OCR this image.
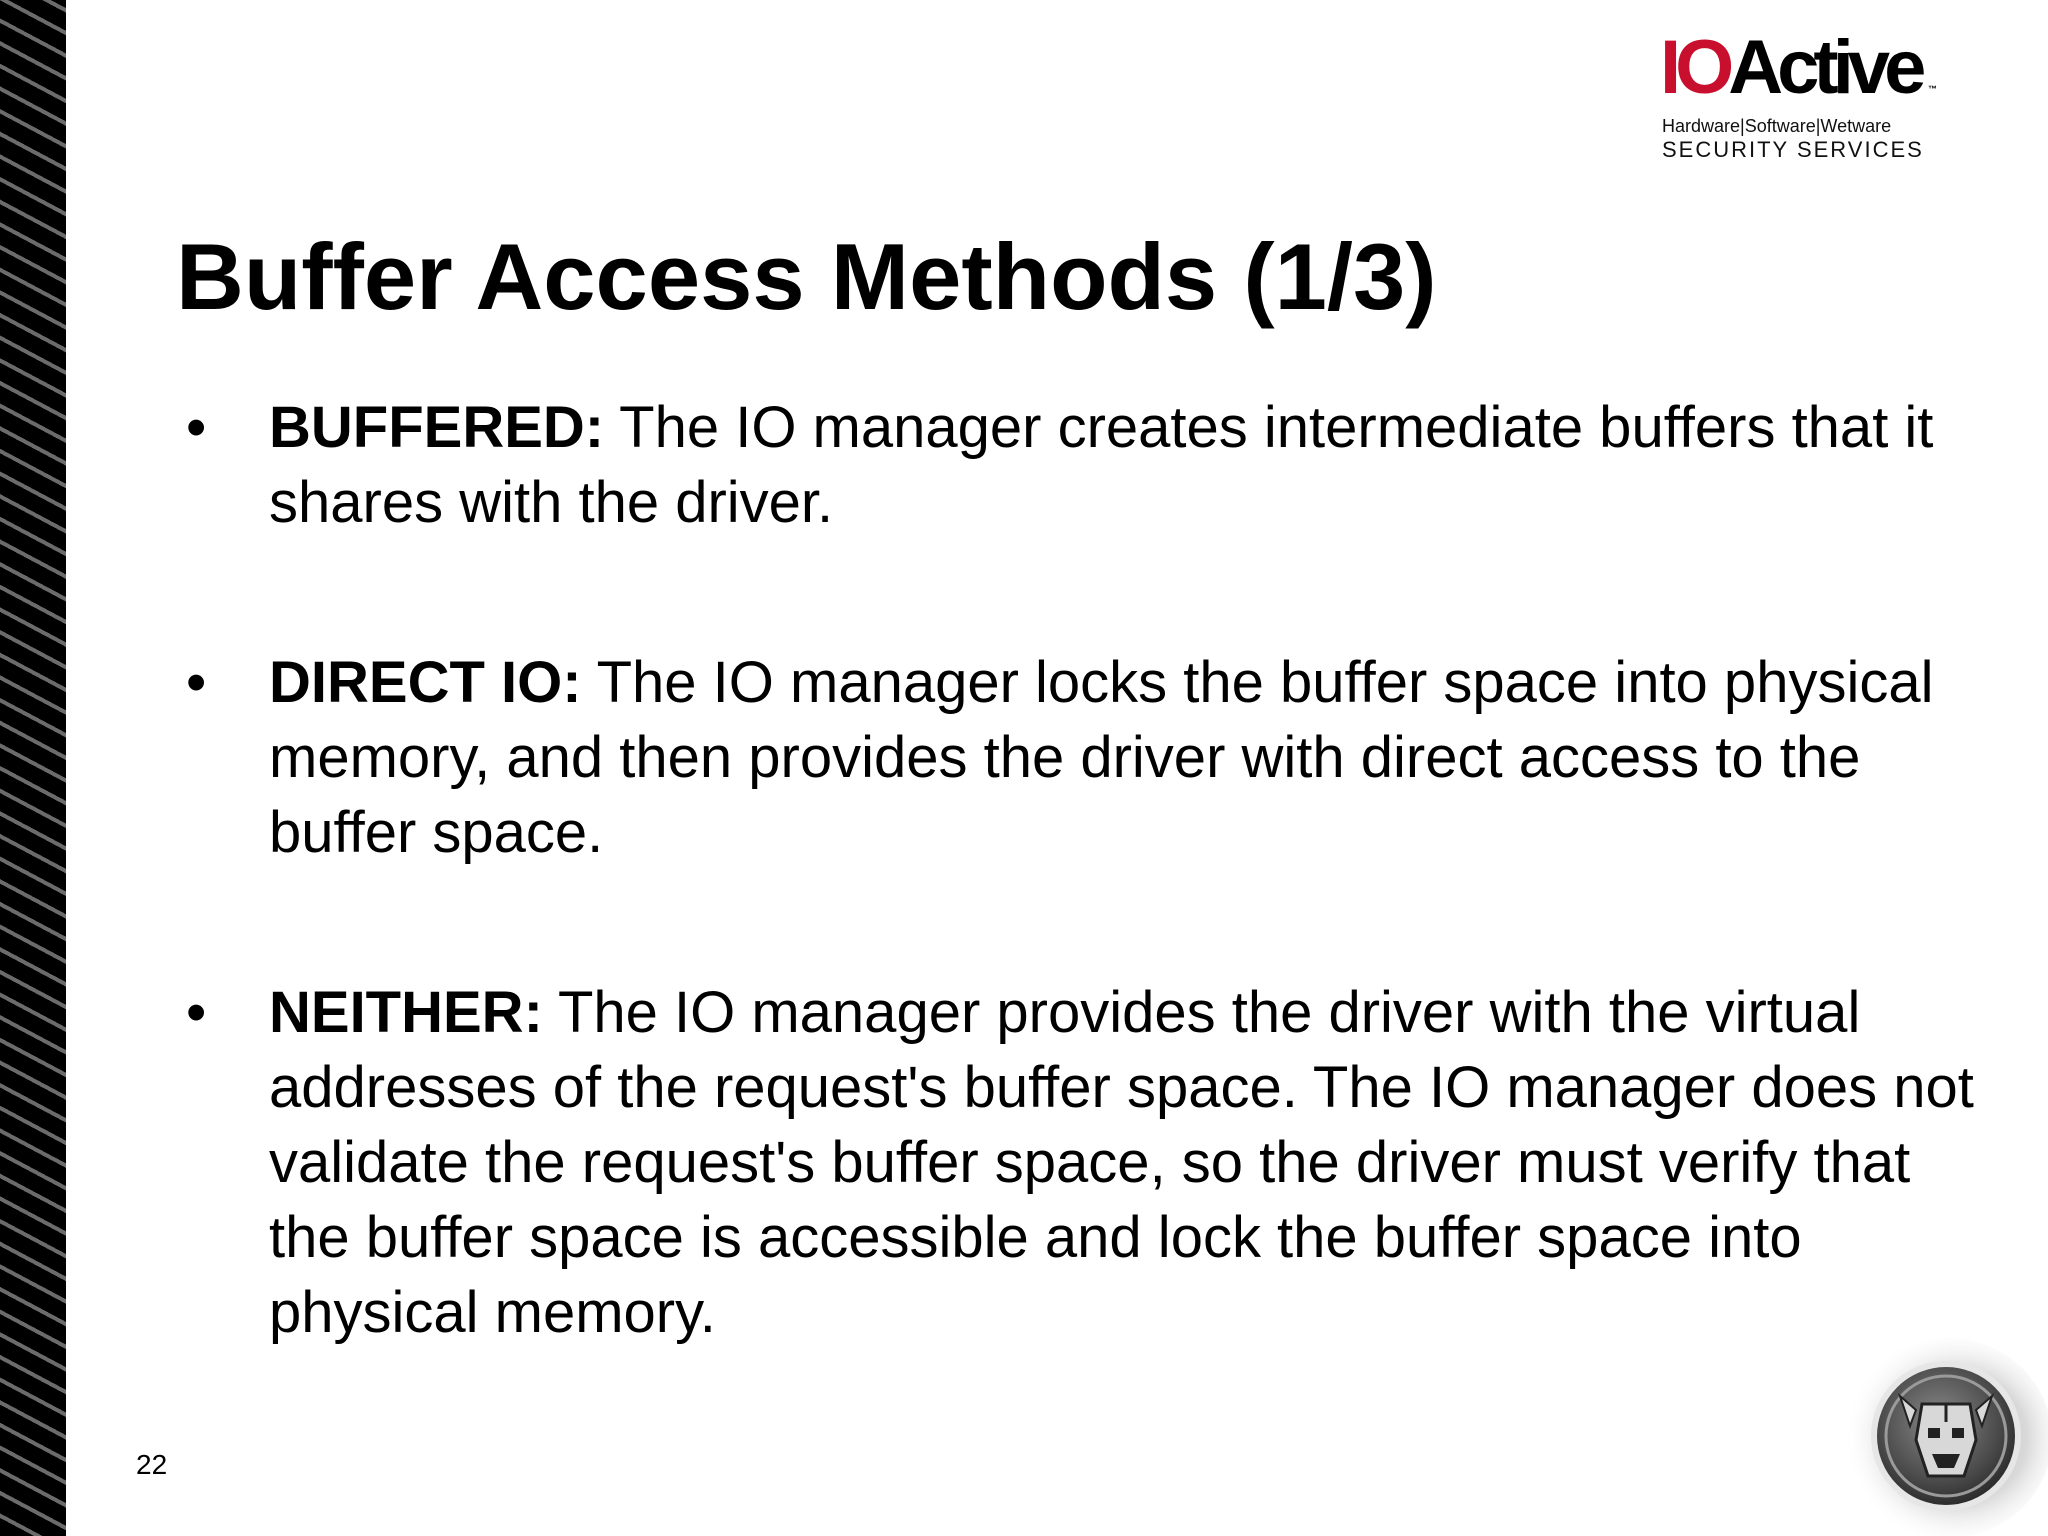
IOActive ™
Hardware|Software|Wetware
SECURITY SERVICES
Buffer Access Methods (1/3)
• BUFFERED: The IO manager creates intermediate buffers that it shares with the driver.
• DIRECT IO: The IO manager locks the buffer space into physical memory, and then provides the driver with direct access to the buffer space.
• NEITHER: The IO manager provides the driver with the virtual addresses of the request's buffer space. The IO manager does not validate the request's buffer space, so the driver must verify that the buffer space is accessible and lock the buffer space into physical memory.
22
